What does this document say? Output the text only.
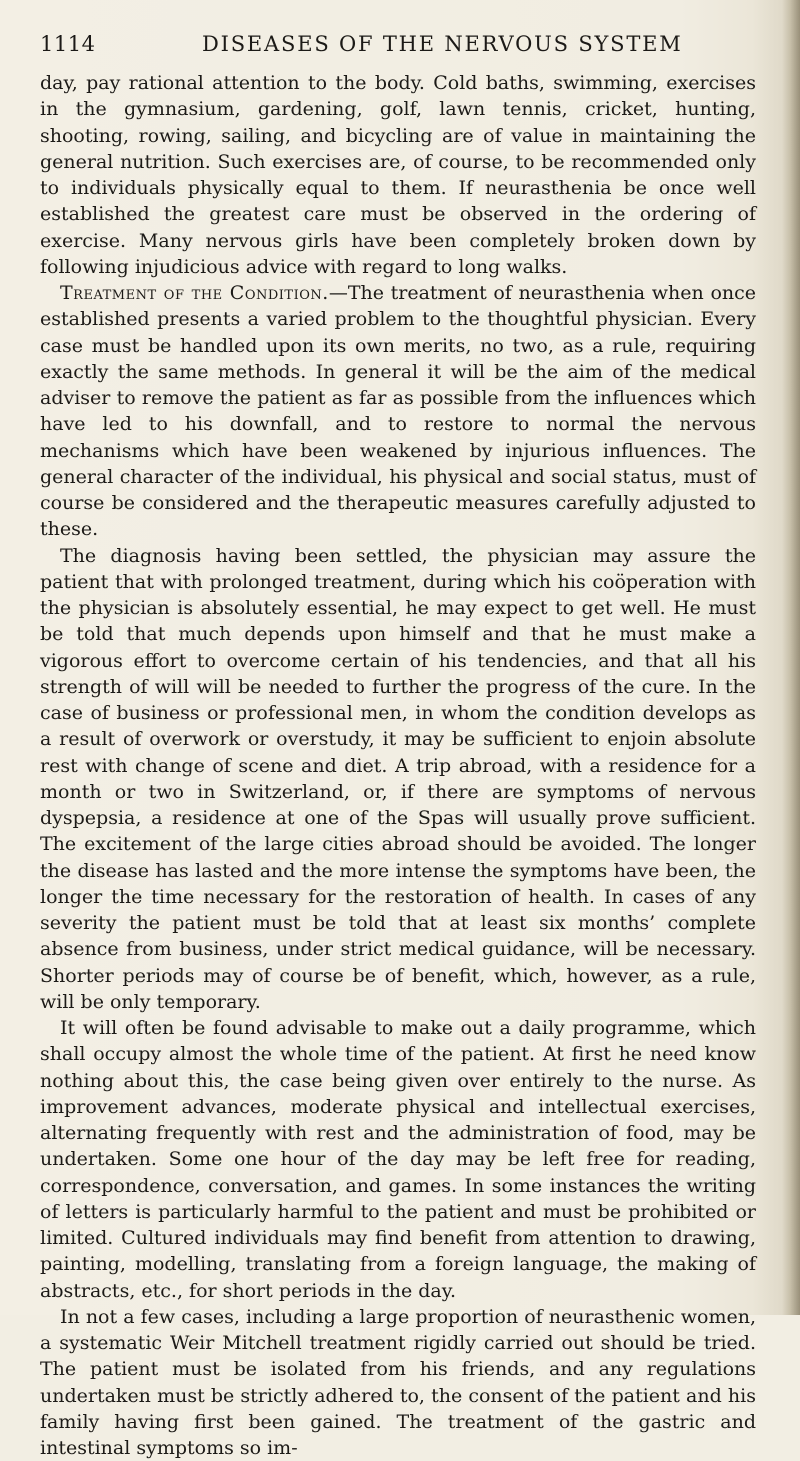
1114	DISEASES OF THE NERVOUS SYSTEM

day, pay rational attention to the body. Cold baths, swimming, exercises in the gymnasium, gardening, golf, lawn tennis, cricket, hunting, shooting, rowing, sailing, and bicycling are of value in maintaining the general nutrition. Such exercises are, of course, to be recommended only to individuals physically equal to them. If neurasthenia be once well established the greatest care must be observed in the ordering of exercise. Many nervous girls have been completely broken down by following injudicious advice with regard to long walks.

Treatment of the Condition.—The treatment of neurasthenia when once established presents a varied problem to the thoughtful physician. Every case must be handled upon its own merits, no two, as a rule, requiring exactly the same methods. In general it will be the aim of the medical adviser to remove the patient as far as possible from the influences which have led to his downfall, and to restore to normal the nervous mechanisms which have been weakened by injurious influences. The general character of the individual, his physical and social status, must of course be considered and the therapeutic measures carefully adjusted to these.

The diagnosis having been settled, the physician may assure the patient that with prolonged treatment, during which his coöperation with the physician is absolutely essential, he may expect to get well. He must be told that much depends upon himself and that he must make a vigorous effort to overcome certain of his tendencies, and that all his strength of will will be needed to further the progress of the cure. In the case of business or professional men, in whom the condition develops as a result of overwork or overstudy, it may be sufficient to enjoin absolute rest with change of scene and diet. A trip abroad, with a residence for a month or two in Switzerland, or, if there are symptoms of nervous dyspepsia, a residence at one of the Spas will usually prove sufficient. The excitement of the large cities abroad should be avoided. The longer the disease has lasted and the more intense the symptoms have been, the longer the time necessary for the restoration of health. In cases of any severity the patient must be told that at least six months’ complete absence from business, under strict medical guidance, will be necessary. Shorter periods may of course be of benefit, which, however, as a rule, will be only temporary.

It will often be found advisable to make out a daily programme, which shall occupy almost the whole time of the patient. At first he need know nothing about this, the case being given over entirely to the nurse. As improvement advances, moderate physical and intellectual exercises, alternating frequently with rest and the administration of food, may be undertaken. Some one hour of the day may be left free for reading, correspondence, conversation, and games. In some instances the writing of letters is particularly harmful to the patient and must be prohibited or limited. Cultured individuals may find benefit from attention to drawing, painting, modelling, translating from a foreign language, the making of abstracts, etc., for short periods in the day.

In not a few cases, including a large proportion of neurasthenic women, a systematic Weir Mitchell treatment rigidly carried out should be tried. The patient must be isolated from his friends, and any regulations undertaken must be strictly adhered to, the consent of the patient and his family having first been gained. The treatment of the gastric and intestinal symptoms so im-
